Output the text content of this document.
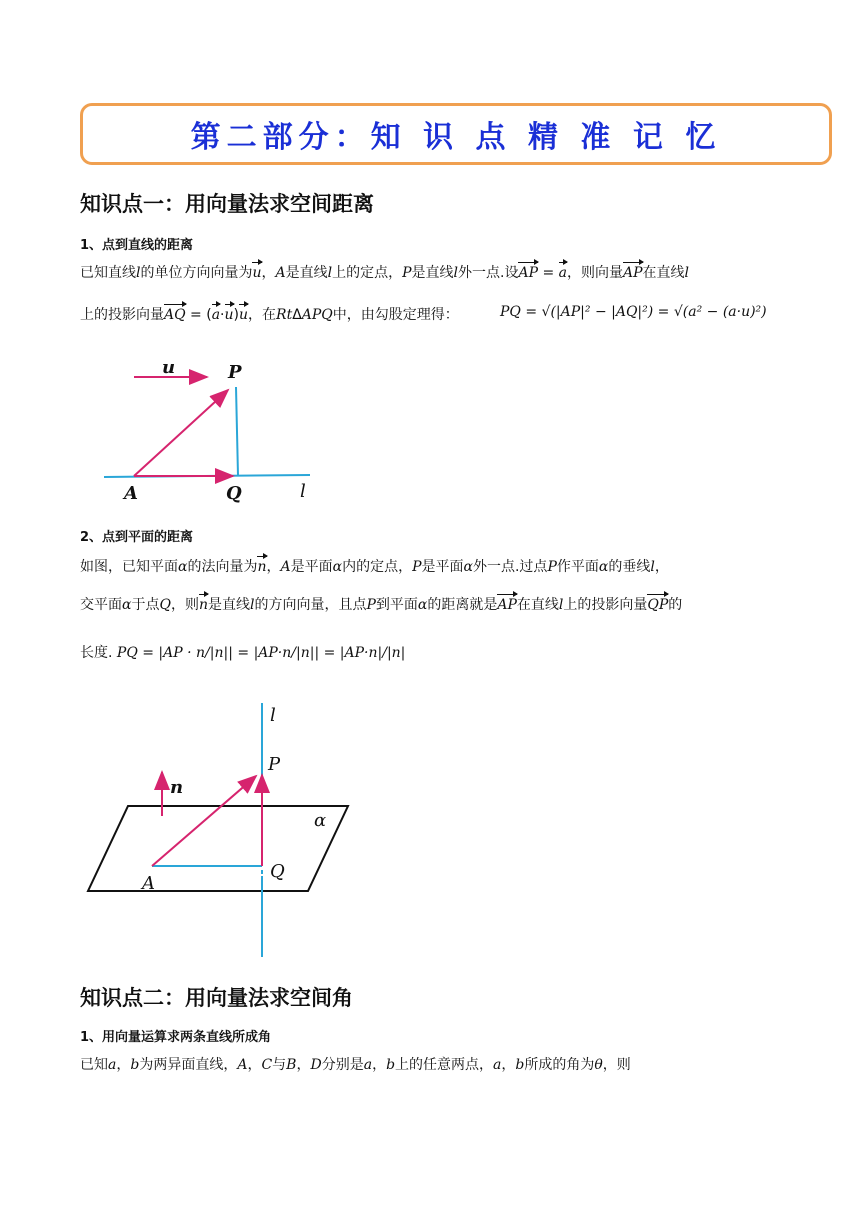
第二部分：知 识 点 精 准 记 忆
知识点一：用向量法求空间距离
1、点到直线的距离
已知直线l的单位方向向量为u，A是直线l上的定点，P是直线l外一点.设AP = a，则向量AP在直线l
上的投影向量AQ = (a·u)u，在RtΔAPQ中，由勾股定理得：	PQ = √(|AP|² − |AQ|²) = √(a² − (a·u)²)
u	P
A	Q	l
2、点到平面的距离
如图，已知平面α的法向量为n，A是平面α内的定点，P是平面α外一点.过点P作平面α的垂线l，
交平面α于点Q，则n是直线l的方向向量，且点P到平面α的距离就是AP在直线l上的投影向量QP的
长度. PQ = |AP · n/|n|| = |AP·n/|n|| = |AP·n|/|n|
l
P
n
α
A
Q
知识点二：用向量法求空间角
1、用向量运算求两条直线所成角
已知a，b为两异面直线，A，C与B，D分别是a，b上的任意两点，a，b所成的角为θ，则
